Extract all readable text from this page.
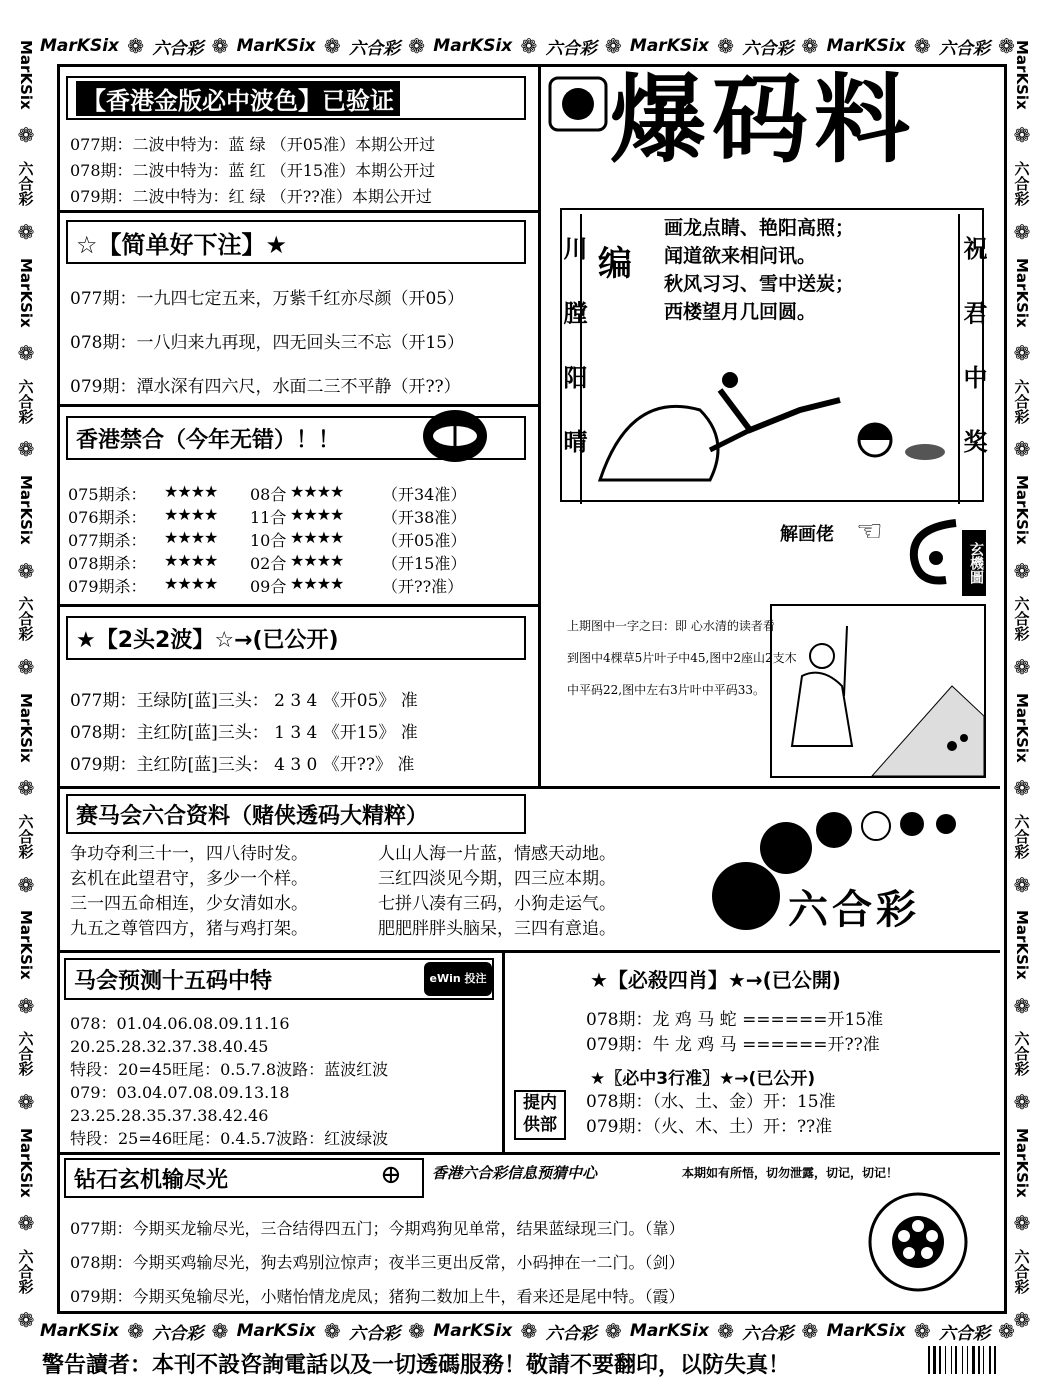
MarKSix ❁ 六合彩 ❁ MarKSix ❁ 六合彩 ❁ MarKSix ❁ 六合彩 ❁ MarKSix ❁ 六合彩 ❁ MarKSix ❁ 六合彩 ❁
MarKSix ❁ 六合彩 ❁ MarKSix ❁ 六合彩 ❁ MarKSix ❁ 六合彩 ❁ MarKSix ❁ 六合彩 ❁ MarKSix ❁ 六合彩 ❁
MarKSix
❁
六合彩
❁
MarKSix
❁
六合彩
❁
MarKSix
❁
六合彩
❁
MarKSix
❁
六合彩
❁
MarKSix
❁
六合彩
❁
MarKSix
❁
六合彩
❁
MarKSix
❁
六合彩
❁
MarKSix
❁
六合彩
❁
MarKSix
❁
六合彩
❁
MarKSix
❁
六合彩
❁
MarKSix
❁
六合彩
❁
MarKSix
❁
六合彩
❁
【香港金版必中波色】已验证
077期：二波中特为：蓝 绿 （开05准）本期公开过
078期：二波中特为：蓝 红 （开15准）本期公开过
079期：二波中特为：红 绿 （开??准）本期公开过
☆【简单好下注】★
077期：一九四七定五来，万紫千红亦尽颜（开05）
078期：一八归来九再现，四无回头三不忘（开15）
079期：潭水深有四六尺，水面二三不平静（开??）
香港禁合（今年无错）！！
075期杀： ★★★★ 08合 ★★★★ （开34准）
076期杀： ★★★★ 11合 ★★★★ （开38准）
077期杀： ★★★★ 10合 ★★★★ （开05准）
078期杀： ★★★★ 02合 ★★★★ （开15准）
079期杀： ★★★★ 09合 ★★★★ （开??准）
★【2头2波】☆→(已公开)
077期：王绿防[蓝]三头： 2 3 4 《开05》 准
078期：主红防[蓝]三头： 1 3 4 《开15》 准
079期：主红防[蓝]三头： 4 3 0 《开??》 准
爆码料
川 膛 阳 晴	祝 君 中 奖
编
画龙点睛、艳阳高照；
闻道欲来相问讯。
秋风习习、雪中送炭；
西楼望月几回圆。
解画佬 ☜
玄機圖
上期图中一字之曰：即 心水清的读者看
到图中4棵草5片叶子中45,图中2座山2支木
中平码22,图中左右3片叶中平码33。
赛马会六合资料（赌侠透码大精粹）
争功夺利三十一，四八待时发。
玄机在此望君守，多少一个样。
三一四五命相连，少女清如水。
九五之尊管四方，猪与鸡打架。
人山人海一片蓝，情感天动地。
三红四淡见今期，四三应本期。
七拼八凑有三码，小狗走运气。
肥肥胖胖头脑呆，三四有意追。	六合彩
马会预测十五码中特	eWin 投注通
078：01.04.06.08.09.11.16
20.25.28.32.37.38.40.45
特段：20=45旺尾：0.5.7.8波路：蓝波红波
079：03.04.07.08.09.13.18
23.25.28.35.37.38.42.46
特段：25=46旺尾：0.4.5.7波路：红波绿波
★【必殺四肖】★→(已公開)
078期：龙 鸡 马 蛇 ======开15准
079期：牛 龙 鸡 马 ======开??准
★〖必中3行准〗★→(已公开)
078期：（水、土、金）开：15准
079期：（火、木、土）开：??准
提内供部
钻石玄机输尽光	⊕ 香港六合彩信息预猜中心	本期如有所悟，切勿泄露，切记，切记！
077期：今期买龙输尽光，三合结得四五门；今期鸡狗见单常，结果蓝绿现三门。（靠）
078期：今期买鸡输尽光，狗去鸡别泣惊声；夜半三更出反常，小码抻在一二门。（剑）
079期：今期买兔输尽光，小赌怡情龙虎凤；猪狗二数加上牛，看来还是尾中特。（霞）
警告讀者：本刊不設咨詢電話以及一切透碼服務！敬請不要翻印，以防失真！
